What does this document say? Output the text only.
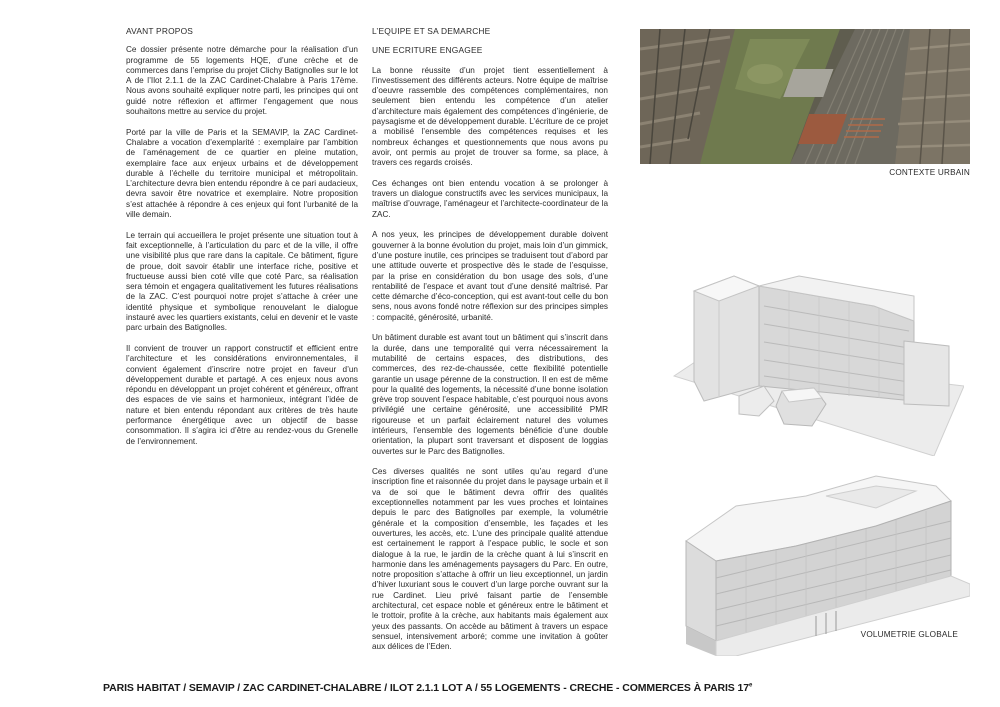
AVANT PROPOS

Ce dossier présente notre démarche pour la réalisation d’un programme de 55 logements HQE, d’une crèche et de commerces dans l’emprise du projet Clichy Batignolles sur le lot A de l’Ilot 2.1.1 de la ZAC Cardinet-Chalabre à Paris 17ème. Nous avons souhaité expliquer notre parti, les principes qui ont guidé notre réflexion et affirmer l’engagement que nous souhaitons mettre au service du projet.

Porté par la ville de Paris et la SEMAVIP, la ZAC Cardinet-Chalabre a vocation d’exemplarité : exemplaire par l’ambition de l’aménagement de ce quartier en pleine mutation, exemplaire face aux enjeux urbains et de développement durable à l’échelle du territoire municipal et métropolitain. L’architecture devra bien entendu répondre à ce pari audacieux, devra savoir être novatrice et exemplaire. Notre proposition s’est attachée à répondre à ces enjeux qui font l’urbanité de la ville demain.

Le terrain qui accueillera le projet présente une situation tout à fait exceptionnelle, à l’articulation du parc et de la ville, il offre une visibilité plus que rare dans la capitale. Ce bâtiment, figure de proue, doit savoir établir une interface riche, positive et fructueuse aussi bien coté ville que coté Parc, sa réalisation sera témoin et engagera qualitativement les futures réalisations de la ZAC. C’est pourquoi notre projet s’attache à créer une identité physique et symbolique renouvelant le dialogue instauré avec les quartiers existants, celui en devenir et le vaste parc urbain des Batignolles.

Il convient de trouver un rapport constructif et efficient entre l’architecture et les considérations environnementales, il convient également d’inscrire notre projet en faveur d’un développement durable et partagé. A ces enjeux nous avons répondu en développant un projet cohérent et généreux, offrant des espaces de vie sains et harmonieux, intégrant l’idée de nature et bien entendu répondant aux critères de très haute performance énergétique avec un objectif de basse consommation. Il s’agira ici d’être au rendez-vous du Grenelle de l’environnement.

L’EQUIPE ET SA DEMARCHE
UNE ECRITURE ENGAGEE

La bonne réussite d’un projet tient essentiellement à l’investissement des différents acteurs. Notre équipe de maîtrise d’oeuvre rassemble des compétences complémentaires, non seulement bien entendu les compétence d’un atelier d’architecture mais également des compétences d’ingénierie, de paysagisme et de développement durable. L’écriture de ce projet a mobilisé l’ensemble des compétences requises et les nombreux échanges et questionnements que nous avons pu avoir, ont permis au projet de trouver sa forme, sa place, à travers ces regards croisés.

Ces échanges ont bien entendu vocation à se prolonger à travers un dialogue constructifs avec les services municipaux, la maîtrise d’ouvrage, l’aménageur et l’architecte-coordinateur de la ZAC.

A nos yeux, les principes de développement durable doivent gouverner à la bonne évolution du projet, mais loin d’un gimmick, d’une posture inutile, ces principes se traduisent tout d’abord par une attitude ouverte et prospective dès le stade de l’esquisse, par la prise en considération du bon usage des sols, d’une rentabilité de l’espace et avant tout d’une densité maîtrisé. Par cette démarche d’éco-conception, qui est avant-tout celle du bon sens, nous avons fondé notre réflexion sur des principes simples : compacité, générosité, urbanité.

Un bâtiment durable est avant tout un bâtiment qui s’inscrit dans la durée, dans une temporalité qui verra nécessairement la mutabilité de certains espaces, des distributions, des commerces, des rez-de-chaussée, cette flexibilité potentielle garantie un usage pérenne de la construction. Il en est de même pour la qualité des logements, la nécessité d’une bonne isolation grève trop souvent l’espace habitable, c’est pourquoi nous avons privilégié une certaine générosité, une accessibilité PMR rigoureuse et un parfait éclairement naturel des volumes intérieurs, l’ensemble des logements bénéficie d’une double orientation, la plupart sont traversant et disposent de loggias ouvertes sur le Parc des Batignolles.

Ces diverses qualités ne sont utiles qu’au regard d’une inscription fine et raisonnée du projet dans le paysage urbain et il va de soi que le bâtiment devra offrir des qualités exceptionnelles notamment par les vues proches et lointaines depuis le parc des Batignolles par exemple, la volumétrie générale et la composition d’ensemble, les façades et les ouvertures, les accès, etc. L’une des principale qualité attendue est certainement le rapport à l’espace public, le socle et son dialogue à la rue, le jardin de la crèche quant à lui s’inscrit en harmonie dans les aménagements paysagers du Parc. En outre, notre proposition s’attache à offrir un lieu exceptionnel, un jardin d’hiver luxuriant sous le couvert d’un large porche ouvrant sur la rue Cardinet. Lieu privé faisant partie de l’ensemble architectural, cet espace noble et généreux entre le bâtiment et le trottoir, profite à la crèche, aux habitants mais également aux yeux des passants. On accède au bâtiment à travers un espace sensuel, intensivement arboré; comme une invitation à goûter aux délices de l’Eden.

CONTEXTE URBAIN
VOLUMETRIE GLOBALE
PARIS HABITAT / SEMAVIP / ZAC CARDINET-CHALABRE / ILOT 2.1.1 LOT A / 55 LOGEMENTS - CRECHE - COMMERCES À PARIS 17e
